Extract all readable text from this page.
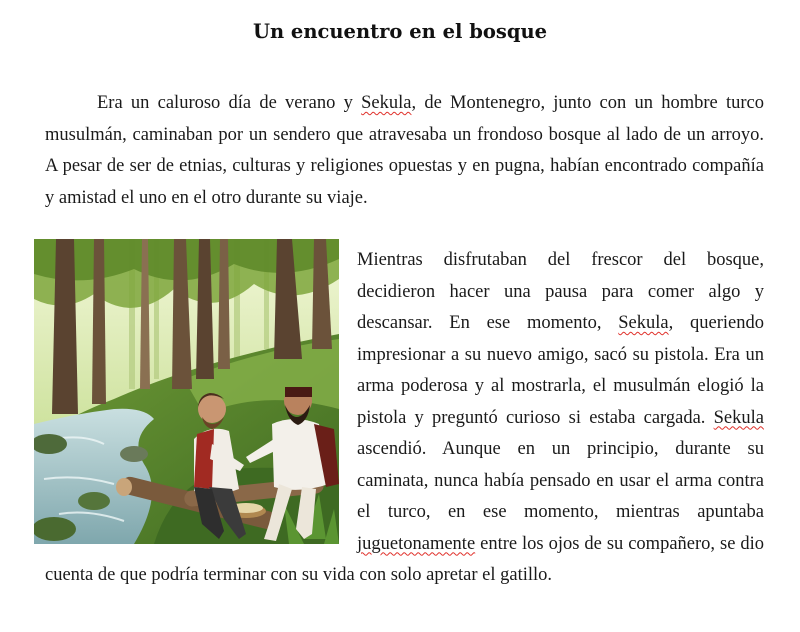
Un encuentro en el bosque
Era un caluroso día de verano y Sekula, de Montenegro, junto con un hombre turco musulmán, caminaban por un sendero que atravesaba un frondoso bosque al lado de un arroyo. A pesar de ser de etnias, culturas y religiones opuestas y en pugna, habían encontrado compañía y amistad el uno en el otro durante su viaje.
Mientras disfrutaban del frescor del bosque, decidieron hacer una pausa para comer algo y descansar. En ese momento, Sekula, queriendo impresionar a su nuevo amigo, sacó su pistola. Era un arma poderosa y al mostrarla, el musulmán elogió la pistola y preguntó curioso si estaba cargada. Sekula ascendió. Aunque en un principio, durante su caminata, nunca había pensado en usar el arma contra el turco, en ese momento, mientras apuntaba juguetonamente entre los ojos de su compañero, se dio cuenta de que podría terminar con su vida con solo apretar el gatillo.
